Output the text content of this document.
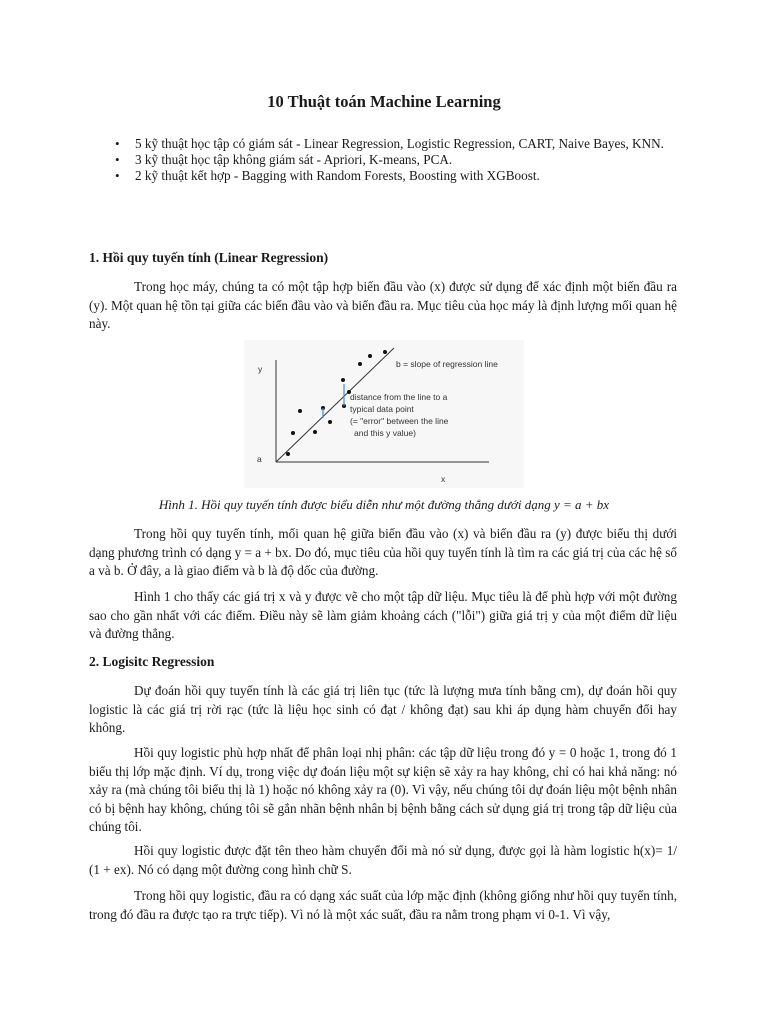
10 Thuật toán Machine Learning
• 5 kỹ thuật học tập có giám sát - Linear Regression, Logistic Regression, CART, Naive Bayes, KNN.
• 3 kỹ thuật học tập không giám sát - Apriori, K-means, PCA.
• 2 kỹ thuật kết hợp - Bagging with Random Forests, Boosting with XGBoost.
1. Hồi quy tuyến tính (Linear Regression)

Trong học máy, chúng ta có một tập hợp biến đầu vào (x) được sử dụng để xác định một biến đầu ra (y). Một quan hệ tồn tại giữa các biến đầu vào và biến đầu ra. Mục tiêu của học máy là định lượng mối quan hệ này.

y
x
a
b = slope of regression line
distance from the line to a
typical data point
(= "error" between the line
and this y value)
Hình 1. Hồi quy tuyến tính được biểu diễn như một đường thẳng dưới dạng y = a + bx

Trong hồi quy tuyến tính, mối quan hệ giữa biến đầu vào (x) và biến đầu ra (y) được biểu thị dưới dạng phương trình có dạng y = a + bx. Do đó, mục tiêu của hồi quy tuyến tính là tìm ra các giá trị của các hệ số a và b. Ở đây, a là giao điểm và b là độ dốc của đường.

Hình 1 cho thấy các giá trị x và y được vẽ cho một tập dữ liệu. Mục tiêu là để phù hợp với một đường sao cho gần nhất với các điểm. Điều này sẽ làm giảm khoảng cách ("lỗi") giữa giá trị y của một điểm dữ liệu và đường thẳng.

2. Logisitc Regression

Dự đoán hồi quy tuyến tính là các giá trị liên tục (tức là lượng mưa tính bằng cm), dự đoán hồi quy logistic là các giá trị rời rạc (tức là liệu học sinh có đạt / không đạt) sau khi áp dụng hàm chuyển đổi hay không.

Hồi quy logistic phù hợp nhất để phân loại nhị phân: các tập dữ liệu trong đó y = 0 hoặc 1, trong đó 1 biểu thị lớp mặc định. Ví dụ, trong việc dự đoán liệu một sự kiện sẽ xảy ra hay không, chỉ có hai khả năng: nó xảy ra (mà chúng tôi biểu thị là 1) hoặc nó không xảy ra (0). Vì vậy, nếu chúng tôi dự đoán liệu một bệnh nhân có bị bệnh hay không, chúng tôi sẽ gắn nhãn bệnh nhân bị bệnh bằng cách sử dụng giá trị trong tập dữ liệu của chúng tôi.

Hồi quy logistic được đặt tên theo hàm chuyển đổi mà nó sử dụng, được gọi là hàm logistic h(x)= 1/ (1 + ex). Nó có dạng một đường cong hình chữ S.

Trong hồi quy logistic, đầu ra có dạng xác suất của lớp mặc định (không giống như hồi quy tuyến tính, trong đó đầu ra được tạo ra trực tiếp). Vì nó là một xác suất, đầu ra nằm trong phạm vi 0-1. Vì vậy,
